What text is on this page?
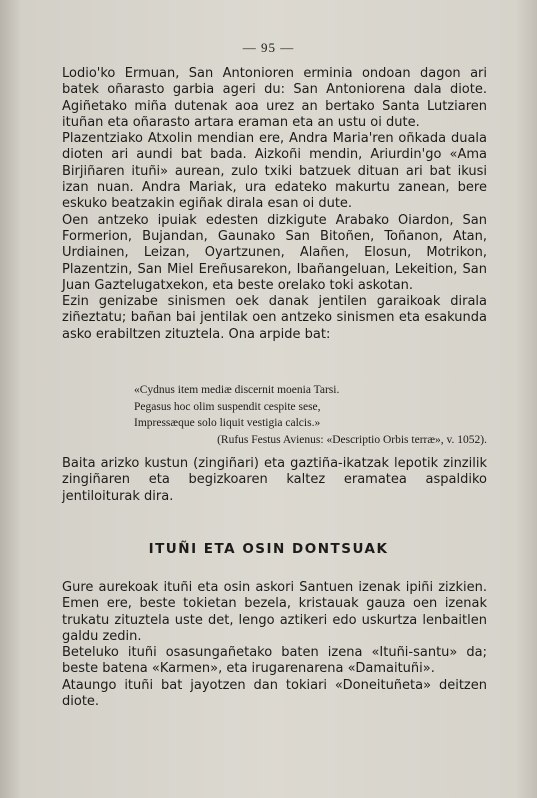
— 95 —

Lodio'ko Ermuan, San Antonioren erminia ondoan dagon ari batek oñarasto garbia ageri du: San Antoniorena dala diote. Agiñetako miña dutenak aoa urez an bertako Santa Lutziaren ituñan eta oñarasto artara eraman eta an ustu oi dute.

Plazentziako Atxolin mendian ere, Andra Maria'ren oñkada duala dioten ari aundi bat bada. Aizkoñi mendin, Ariurdin'go «Ama Birjiñaren ituñi» aurean, zulo txiki batzuek dituan ari bat ikusi izan nuan. Andra Mariak, ura edateko makurtu zanean, bere eskuko beatzakin egiñak dirala esan oi dute.

Oen antzeko ipuiak edesten dizkigute Arabako Oiardon, San Formerion, Bujandan, Gaunako San Bitoñen, Toñanon, Atan, Urdiainen, Leizan, Oyartzunen, Alañen, Elosun, Motrikon, Plazentzin, San Miel Ereñusarekon, Ibañangeluan, Lekeition, San Juan Gaztelugatxekon, eta beste orelako toki askotan.

Ezin genizabe sinismen oek danak jentilen garaikoak dirala ziñeztatu; bañan bai jentilak oen antzeko sinismen eta esakunda asko erabiltzen zituztela. Ona arpide bat:

«Cydnus item mediæ discernit moenia Tarsi.
Pegasus hoc olim suspendit cespite sese,
Impressæque solo liquit vestigia calcis.»
(Rufus Festus Avienus: «Descriptio Orbis terræ», v. 1052).

Baita arizko kustun (zingiñari) eta gaztiña-ikatzak lepotik zinzilik zingiñaren eta begizkoaren kaltez eramatea aspaldiko jentiloiturak dira.

ITUÑI ETA OSIN DONTSUAK

Gure aurekoak ituñi eta osin askori Santuen izenak ipiñi zizkien. Emen ere, beste tokietan bezela, kristauak gauza oen izenak trukatu zituztela uste det, lengo aztikeri edo uskurtza lenbaitlen galdu zedin.

Beteluko ituñi osasungañetako baten izena «Ituñi-santu» da; beste batena «Karmen», eta irugarenarena «Damaituñi».

Ataungo ituñi bat jayotzen dan tokiari «Doneituñeta» deitzen diote.
